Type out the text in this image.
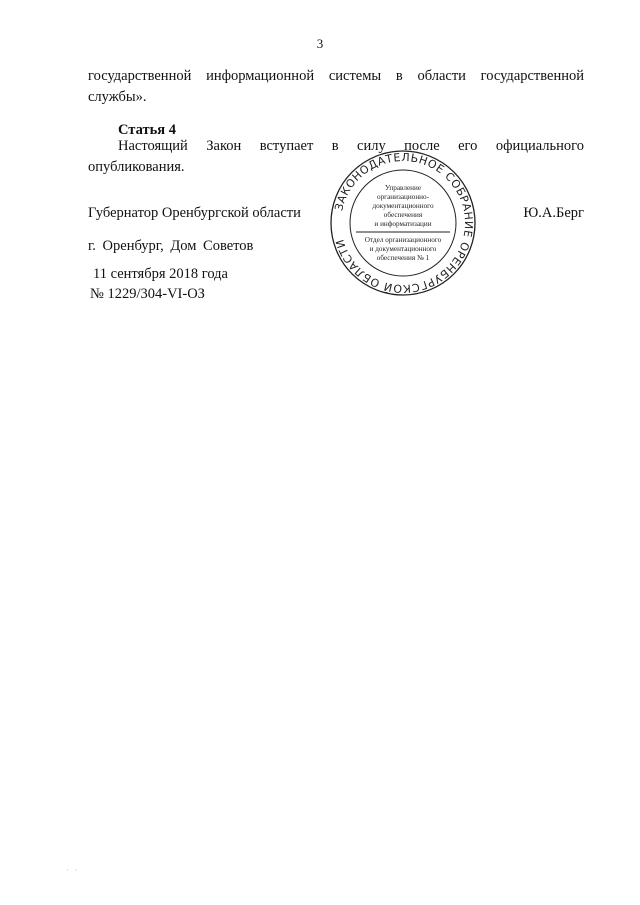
3
государственной информационной системы в области государственной
службы».
Статья 4
Настоящий Закон вступает в силу после его официального
опубликования.
Губернатор Оренбургской области	Ю.А.Берг
г. Оренбург, Дом Советов
11 сентября 2018 года
№ 1229/304-VI-ОЗ
ЗАКОНОДАТЕЛЬНОЕ СОБРАНИЕ ОРЕНБУРГСКОЙ ОБЛАСТИ
Управление
организационно-
документационного
обеспечения
и информатизации
Отдел организационного
и документационного
обеспечения № 1
· ·
